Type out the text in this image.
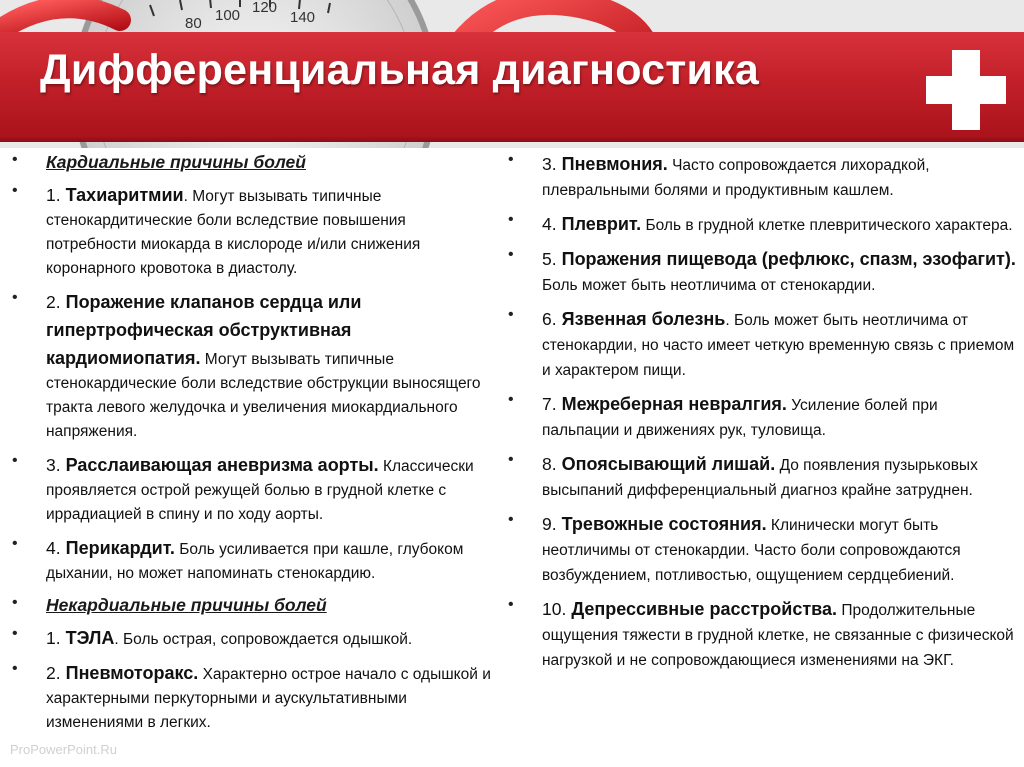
80 100 120
140
Дифференциальная диагностика
• Кардиальные причины болей
• 1. Тахиаритмии. Могут вызывать типичные стенокардитические боли вследствие повышения потребности миокарда в кислороде и/или снижения коронарного кровотока в диастолу.
• 2. Поражение клапанов сердца или гипертрофическая обструктивная кардиомиопатия. Могут вызывать типичные стенокардические боли вследствие обструкции выносящего тракта левого желудочка и увеличения миокардиального напряжения.
• 3. Расслаивающая аневризма аорты. Классически проявляется острой режущей болью в грудной клетке с иррадиацией в спину и по ходу аорты.
• 4. Перикардит. Боль усиливается при кашле, глубоком дыхании, но может напоминать стенокардию.
• Некардиальные причины болей
• 1. ТЭЛА. Боль острая, сопровождается одышкой.
• 2. Пневмоторакс. Характерно острое начало с одышкой и характерными перкуторными и аускультативными изменениями в легких.
• 3. Пневмония. Часто сопровождается лихорадкой, плевральными болями и продуктивным кашлем.
• 4. Плеврит. Боль в грудной клетке плевритического характера.
• 5. Поражения пищевода (рефлюкс, спазм, эзофагит). Боль может быть неотличима от стенокардии.
• 6. Язвенная болезнь. Боль может быть неотличима от стенокардии, но часто имеет четкую временную связь с приемом и характером пищи.
• 7. Межреберная невралгия. Усиление болей при пальпации и движениях рук, туловища.
• 8. Опоясывающий лишай. До появления пузырьковых высыпаний дифференциальный диагноз крайне затруднен.
• 9. Тревожные состояния. Клинически могут быть неотличимы от стенокардии. Часто боли сопровождаются возбуждением, потливостью, ощущением сердцебиений.
• 10. Депрессивные расстройства. Продолжительные ощущения тяжести в грудной клетке, не связанные с физической нагрузкой и не сопровождающиеся изменениями на ЭКГ.
ProPowerPoint.Ru
